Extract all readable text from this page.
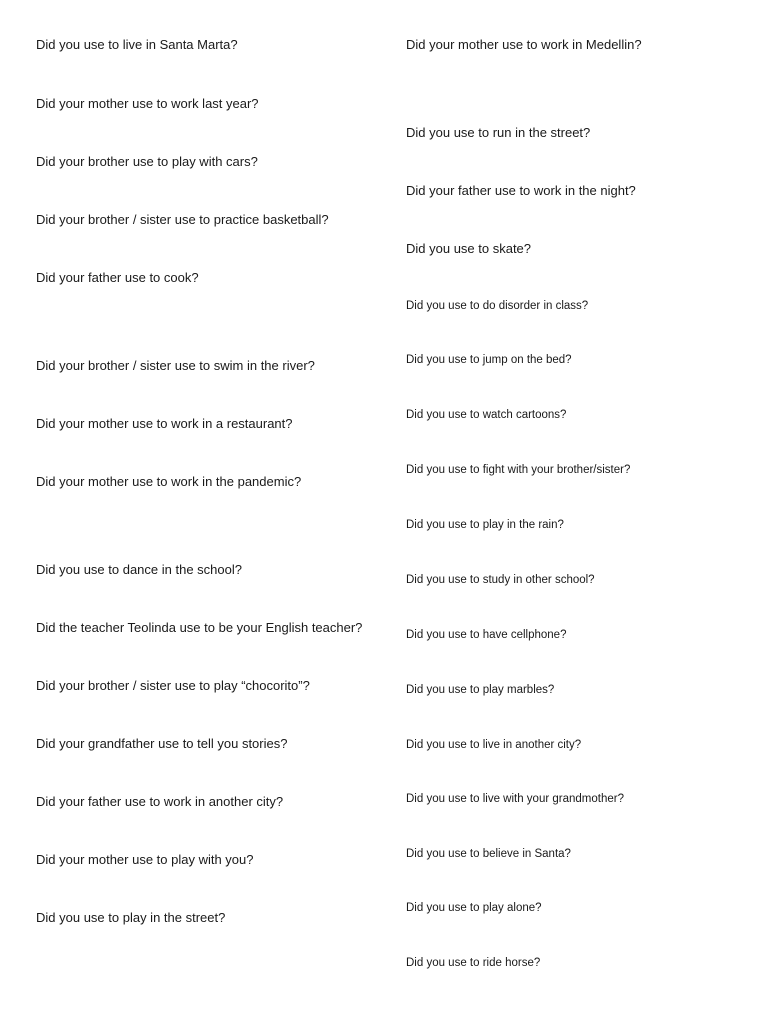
Did you use to live in Santa Marta?
Did your mother use to work last year?
Did your brother use to play with cars?
Did your brother / sister use to practice basketball?
Did your father use to cook?
Did your brother / sister use to swim in the river?
Did your mother use to work in a restaurant?
Did your mother use to work in the pandemic?
Did you use to dance in the school?
Did the teacher Teolinda use to be your English teacher?
Did your brother / sister use to play “chocorito”?
Did your grandfather use to tell you stories?
Did your father use to work in another city?
Did your mother use to play with you?
Did you use to play in the street?
Did your mother use to work in Medellin?
Did you use to run in the street?
Did your father use to work in the night?
Did you use to skate?
Did you use to do disorder in class?
Did you use to jump on the bed?
Did you use to watch cartoons?
Did you use to fight with your brother/sister?
Did you use to play in the rain?
Did you use to study in other school?
Did you use to have cellphone?
Did you use to play marbles?
Did you use to live in another city?
Did you use to live with your grandmother?
Did you use to believe in Santa?
Did you use to play alone?
Did you use to ride horse?
